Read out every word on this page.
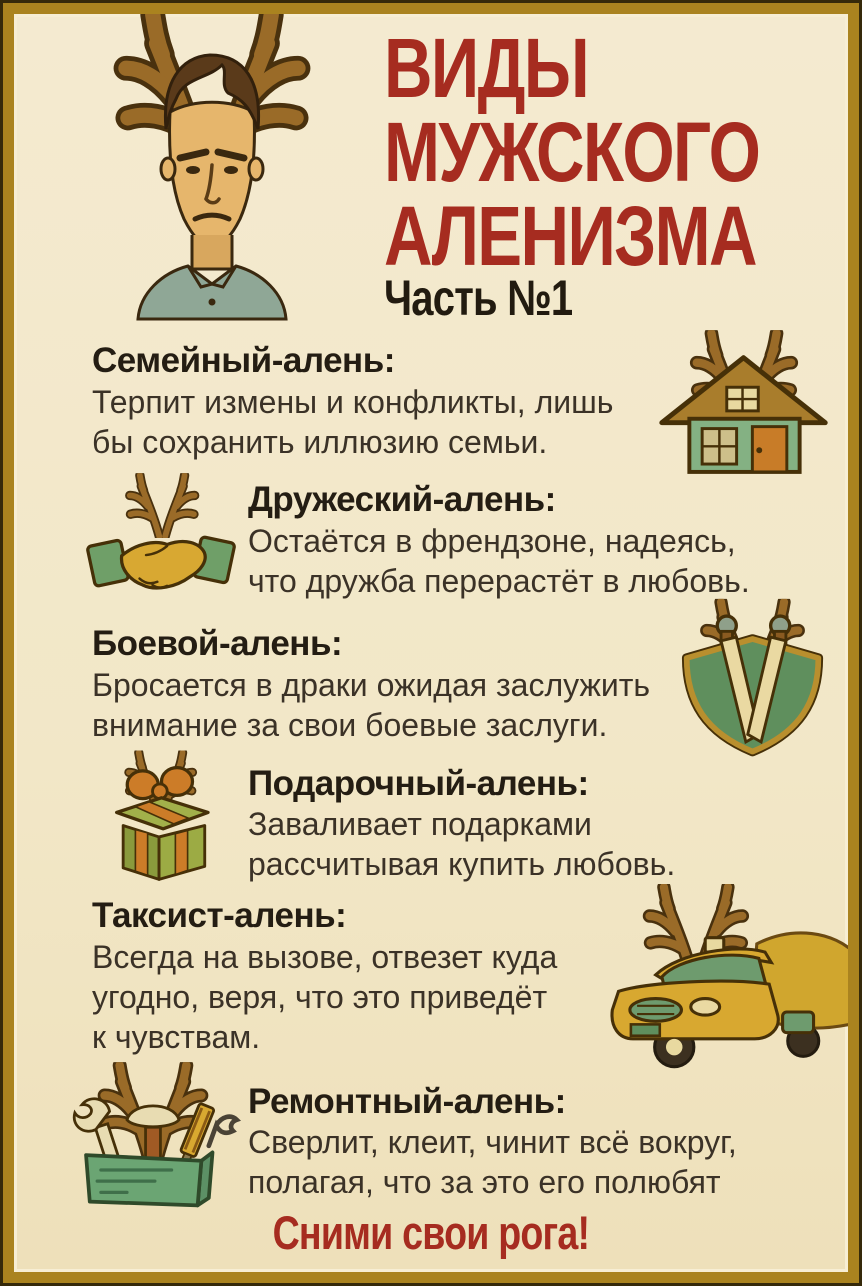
ВИДЫ
МУЖСКОГО
АЛЕНИЗМА
Часть №1
Семейный-алень:
Терпит измены и конфликты, лишь
бы сохранить иллюзию семьи.
Дружеский-алень:
Остаётся в френдзоне, надеясь,
что дружба перерастёт в любовь.
Боевой-алень:
Бросается в драки ожидая заслужить
внимание за свои боевые заслуги.
Подарочный-алень:
Заваливает подарками
рассчитывая купить любовь.
Таксист-алень:
Всегда на вызове, отвезет куда
угодно, веря, что это приведёт
к чувствам.
Ремонтный-алень:
Сверлит, клеит, чинит всё вокруг,
полагая, что за это его полюбят
Сними свои рога!
